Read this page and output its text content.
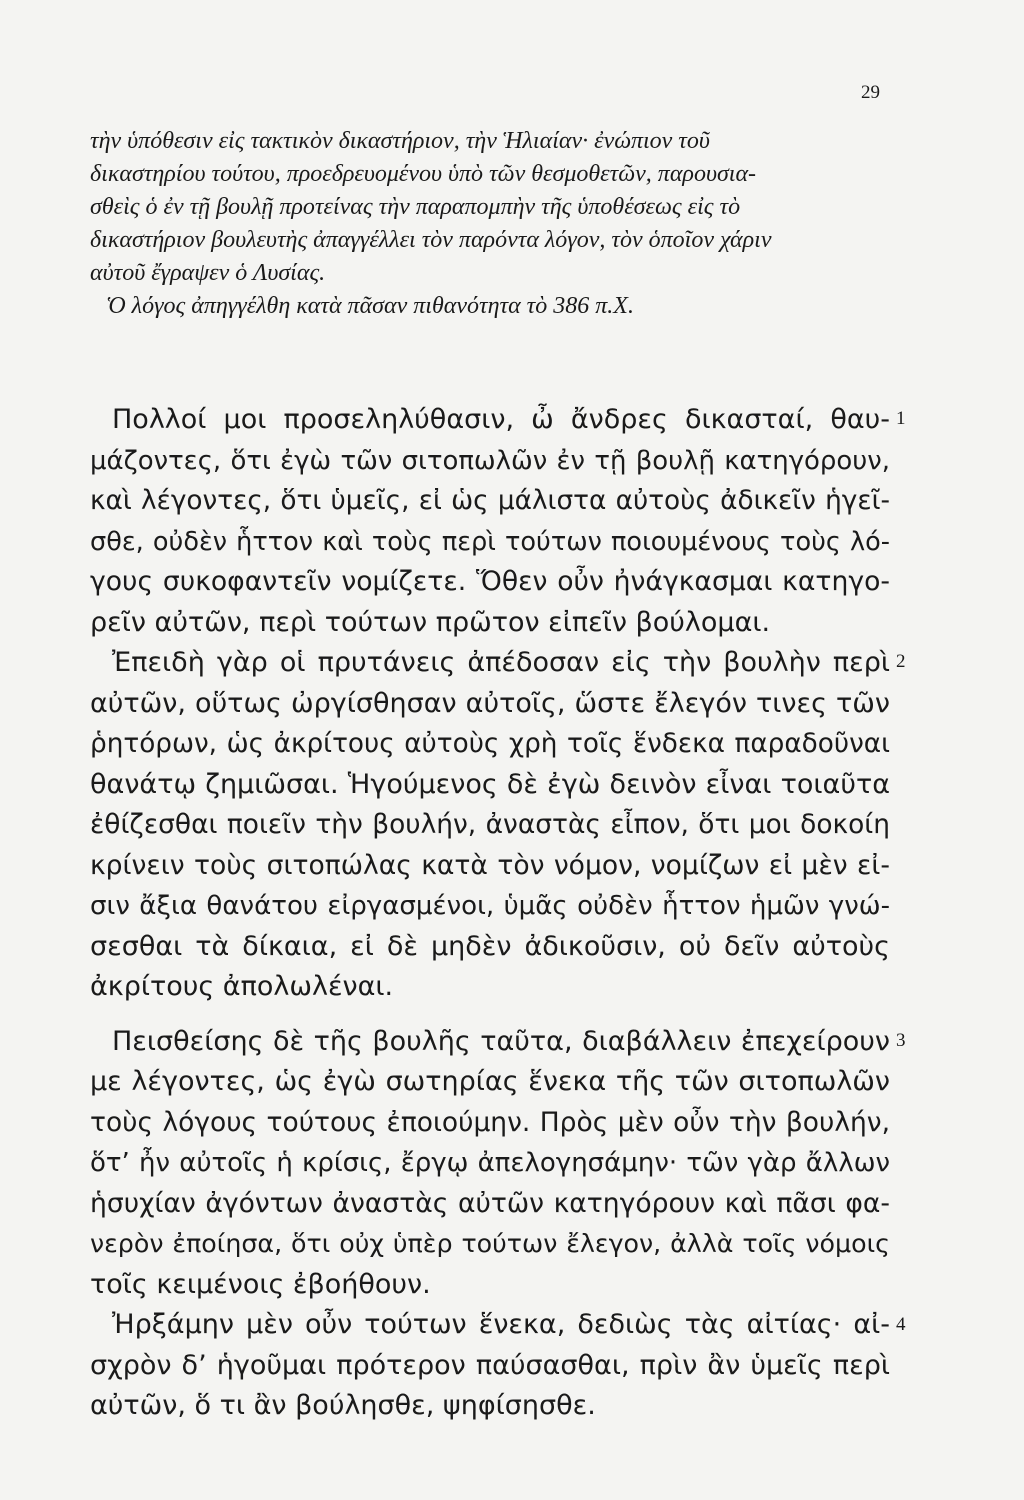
29
τὴν ὑπόθεσιν εἰς τακτικὸν δικαστήριον, τὴν Ἡλιαίαν· ἐνώπιον τοῦ
δικαστηρίου τούτου, προεδρευομένου ὑπὸ τῶν θεσμοθετῶν, παρουσια-
σθεὶς ὁ ἐν τῇ βουλῇ προτείνας τὴν παραπομπὴν τῆς ὑποθέσεως εἰς τὸ
δικαστήριον βουλευτὴς ἀπαγγέλλει τὸν παρόντα λόγον, τὸν ὁποῖον χάριν
αὐτοῦ ἔγραψεν ὁ Λυσίας.
Ὁ λόγος ἀπηγγέλθη κατὰ πᾶσαν πιθανότητα τὸ 386 π.Χ.
Πολλοί μοι προσεληλύθασιν, ὦ ἄνδρες δικασταί, θαυ-
μάζοντες, ὅτι ἐγὼ τῶν σιτοπωλῶν ἐν τῇ βουλῇ κατηγόρουν,
καὶ λέγοντες, ὅτι ὑμεῖς, εἰ ὡς μάλιστα αὐτοὺς ἀδικεῖν ἡγεῖ-
σθε, οὐδὲν ἧττον καὶ τοὺς περὶ τούτων ποιουμένους τοὺς λό-
γους συκοφαντεῖν νομίζετε. Ὅθεν οὖν ἠνάγκασμαι κατηγο-
ρεῖν αὐτῶν, περὶ τούτων πρῶτον εἰπεῖν βούλομαι.
Ἐπειδὴ γὰρ οἱ πρυτάνεις ἀπέδοσαν εἰς τὴν βουλὴν περὶ
αὐτῶν, οὕτως ὠργίσθησαν αὐτοῖς, ὥστε ἔλεγόν τινες τῶν
ῥητόρων, ὡς ἀκρίτους αὐτοὺς χρὴ τοῖς ἕνδεκα παραδοῦναι
θανάτῳ ζημιῶσαι. Ἡγούμενος δὲ ἐγὼ δεινὸν εἶναι τοιαῦτα
ἐθίζεσθαι ποιεῖν τὴν βουλήν, ἀναστὰς εἶπον, ὅτι μοι δοκοίη
κρίνειν τοὺς σιτοπώλας κατὰ τὸν νόμον, νομίζων εἰ μὲν εἰ-
σιν ἄξια θανάτου εἰργασμένοι, ὑμᾶς οὐδὲν ἧττον ἡμῶν γνώ-
σεσθαι τὰ δίκαια, εἰ δὲ μηδὲν ἀδικοῦσιν, οὐ δεῖν αὐτοὺς
ἀκρίτους ἀπολωλέναι.
Πεισθείσης δὲ τῆς βουλῆς ταῦτα, διαβάλλειν ἐπεχείρουν
με λέγοντες, ὡς ἐγὼ σωτηρίας ἕνεκα τῆς τῶν σιτοπωλῶν
τοὺς λόγους τούτους ἐποιούμην. Πρὸς μὲν οὖν τὴν βουλήν,
ὅτ’ ἦν αὐτοῖς ἡ κρίσις, ἔργῳ ἀπελογησάμην· τῶν γὰρ ἄλλων
ἡσυχίαν ἀγόντων ἀναστὰς αὐτῶν κατηγόρουν καὶ πᾶσι φα-
νερὸν ἐποίησα, ὅτι οὐχ ὑπὲρ τούτων ἔλεγον, ἀλλὰ τοῖς νόμοις
τοῖς κειμένοις ἐβοήθουν.
Ἠρξάμην μὲν οὖν τούτων ἕνεκα, δεδιὼς τὰς αἰτίας· αἰ-
σχρὸν δ’ ἡγοῦμαι πρότερον παύσασθαι, πρὶν ἂν ὑμεῖς περὶ
αὐτῶν, ὅ τι ἂν βούλησθε, ψηφίσησθε.
1
2
3
4
